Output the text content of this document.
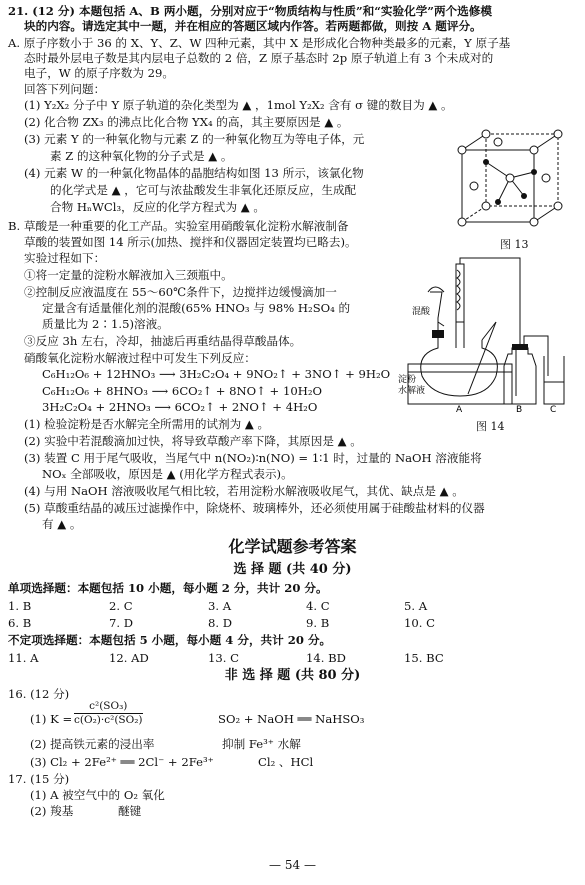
21. (12 分) 本题包括 A、B 两小题，分别对应于“物质结构与性质”和“实验化学”两个选修模
块的内容。请选定其中一题，并在相应的答题区域内作答。若两题都做，则按 A 题评分。
A. 原子序数小于 36 的 X、Y、Z、W 四种元素，其中 X 是形成化合物种类最多的元素，Y 原子基
态时最外层电子数是其内层电子总数的 2 倍，Z 原子基态时 2p 原子轨道上有 3 个未成对的
电子，W 的原子序数为 29。
回答下列问题：
(1) Y₂X₂ 分子中 Y 原子轨道的杂化类型为 ▲ ，1mol Y₂X₂ 含有 σ 键的数目为 ▲ 。
(2) 化合物 ZX₃ 的沸点比化合物 YX₄ 的高，其主要原因是 ▲ 。
(3) 元素 Y 的一种氧化物与元素 Z 的一种氧化物互为等电子体，元
素 Z 的这种氧化物的分子式是 ▲ 。
(4) 元素 W 的一种氯化物晶体的晶胞结构如图 13 所示，该氯化物
的化学式是 ▲ ，它可与浓盐酸发生非氧化还原反应，生成配
合物 HₙWCl₃，反应的化学方程式为 ▲ 。
图 13
B. 草酸是一种重要的化工产品。实验室用硝酸氧化淀粉水解液制备
草酸的装置如图 14 所示(加热、搅拌和仪器固定装置均已略去)。
实验过程如下：
①将一定量的淀粉水解液加入三颈瓶中。
②控制反应液温度在 55～60℃条件下，边搅拌边缓慢滴加一
定量含有适量催化剂的混酸(65% HNO₃ 与 98% H₂SO₄ 的
质量比为 2∶1.5)溶液。
③反应 3h 左右，冷却，抽滤后再重结晶得草酸晶体。
硝酸氧化淀粉水解液过程中可发生下列反应：
C₆H₁₂O₆ + 12HNO₃ ⟶ 3H₂C₂O₄ + 9NO₂↑ + 3NO↑ + 9H₂O
C₆H₁₂O₆ + 8HNO₃ ⟶ 6CO₂↑ + 8NO↑ + 10H₂O
3H₂C₂O₄ + 2HNO₃ ⟶ 6CO₂↑ + 2NO↑ + 4H₂O
(1) 检验淀粉是否水解完全所需用的试剂为 ▲ 。
(2) 实验中若混酸滴加过快，将导致草酸产率下降，其原因是 ▲ 。
(3) 装置 C 用于尾气吸收，当尾气中 n(NO₂)∶n(NO) = 1∶1 时，过量的 NaOH 溶液能将
NOₓ 全部吸收，原因是 ▲ (用化学方程式表示)。
(4) 与用 NaOH 溶液吸收尾气相比较，若用淀粉水解液吸收尾气，其优、缺点是 ▲ 。
(5) 草酸重结晶的减压过滤操作中，除烧杯、玻璃棒外，还必须使用属于硅酸盐材料的仪器
有 ▲ 。
混酸
淀粉
水解液
A	B	C
图 14
化学试题参考答案
选 择 题 (共 40 分)
单项选择题：本题包括 10 小题，每小题 2 分，共计 20 分。
1. B	2. C	3. A	4. C	5. A
6. B	7. D	8. D	9. B	10. C
不定项选择题：本题包括 5 小题，每小题 4 分，共计 20 分。
11. A	12. AD	13. C	14. BD	15. BC
非 选 择 题 (共 80 分)
16. (12 分)
(1) $K = \frac{\text{c²(SO₃)}}{\text{c(O₂)·c²(SO₂)}}$	SO₂ + NaOH ══ NaHSO₃
(2) 提高铁元素的浸出率	抑制 Fe³⁺ 水解
(3) Cl₂ + 2Fe²⁺ ══ 2Cl⁻ + 2Fe³⁺	Cl₂ 、HCl
17. (15 分)
(1) A 被空气中的 O₂ 氧化
(2) 羧基	醚键
— 54 —
